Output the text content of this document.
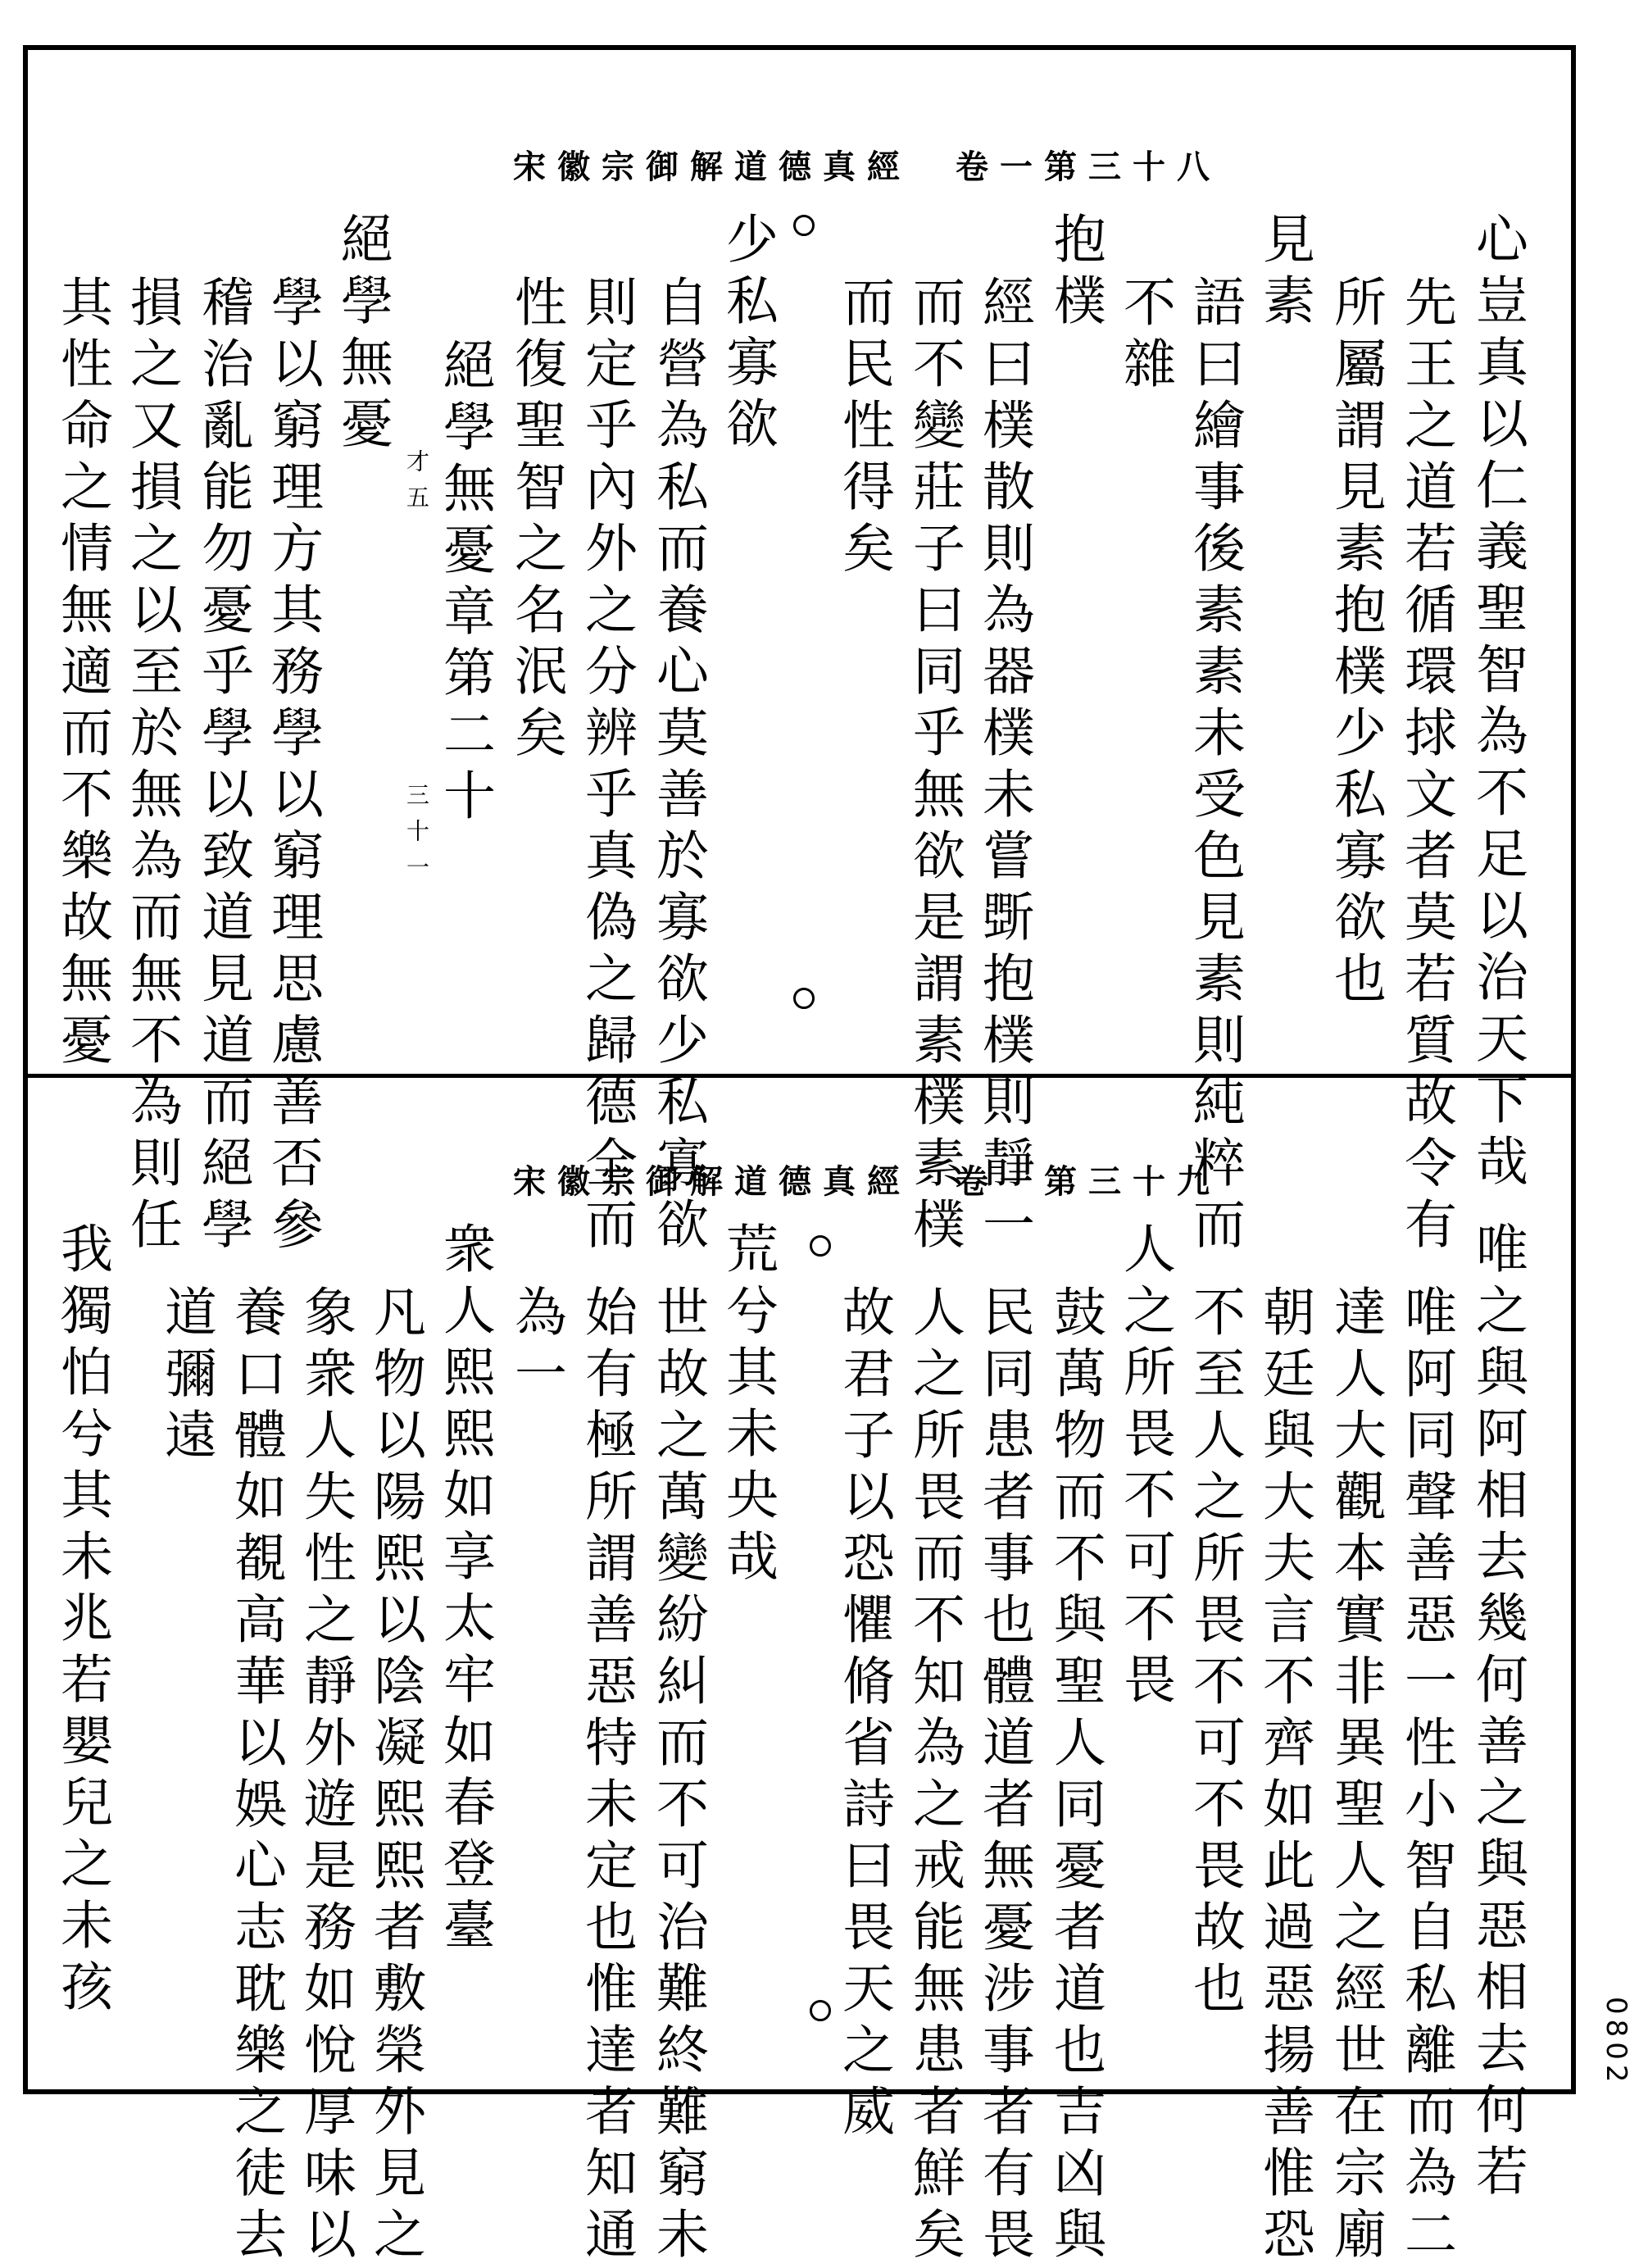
宋徽宗御解道德真經　卷一第三十八
心豈真以仁義聖智為不足以治天下哉
先王之道若循環捄文者莫若質故令有
所屬謂見素抱樸少私寡欲也
見素
語曰繪事後素素未受色見素則純粹而
不雜
抱樸
經曰樸散則為器樸未嘗斲抱樸則靜一
而不變莊子曰同乎無欲是謂素樸素樸
而民性得矣
少私寡欲
自營為私而養心莫善於寡欲少私寡欲
則定乎內外之分辨乎真偽之歸德全而
性復聖智之名泯矣
絕學無憂章第二十
才五
三十一
絕學無憂
學以窮理方其務學以窮理思慮善否參
稽治亂能勿憂乎學以致道見道而絕學
損之又損之以至於無為而無不為則任
其性命之情無適而不樂故無憂
宋徽宗御解道德真經　卷一第三十九
唯之與阿相去幾何善之與惡相去何若
唯阿同聲善惡一性小智自私離而為二
達人大觀本實非異聖人之經世在宗廟
朝廷與大夫言不齊如此過惡揚善惟恐
不至人之所畏不可不畏故也
人之所畏不可不畏
鼓萬物而不與聖人同憂者道也吉凶與
民同患者事也體道者無憂涉事者有畏
人之所畏而不知為之戒能無患者鮮矣
故君子以恐懼脩省詩曰畏天之威
荒兮其未央哉
世故之萬變紛糾而不可治難終難窮未
始有極所謂善惡特未定也惟達者知通
為一
衆人熙熙如享太牢如春登臺
凡物以陽熙以陰凝熙熙者敷榮外見之
象衆人失性之靜外遊是務如悅厚味以
養口體如覩高華以娛心志耽樂之徒去
道彌遠
我獨怕兮其未兆若嬰兒之未孩
0802
